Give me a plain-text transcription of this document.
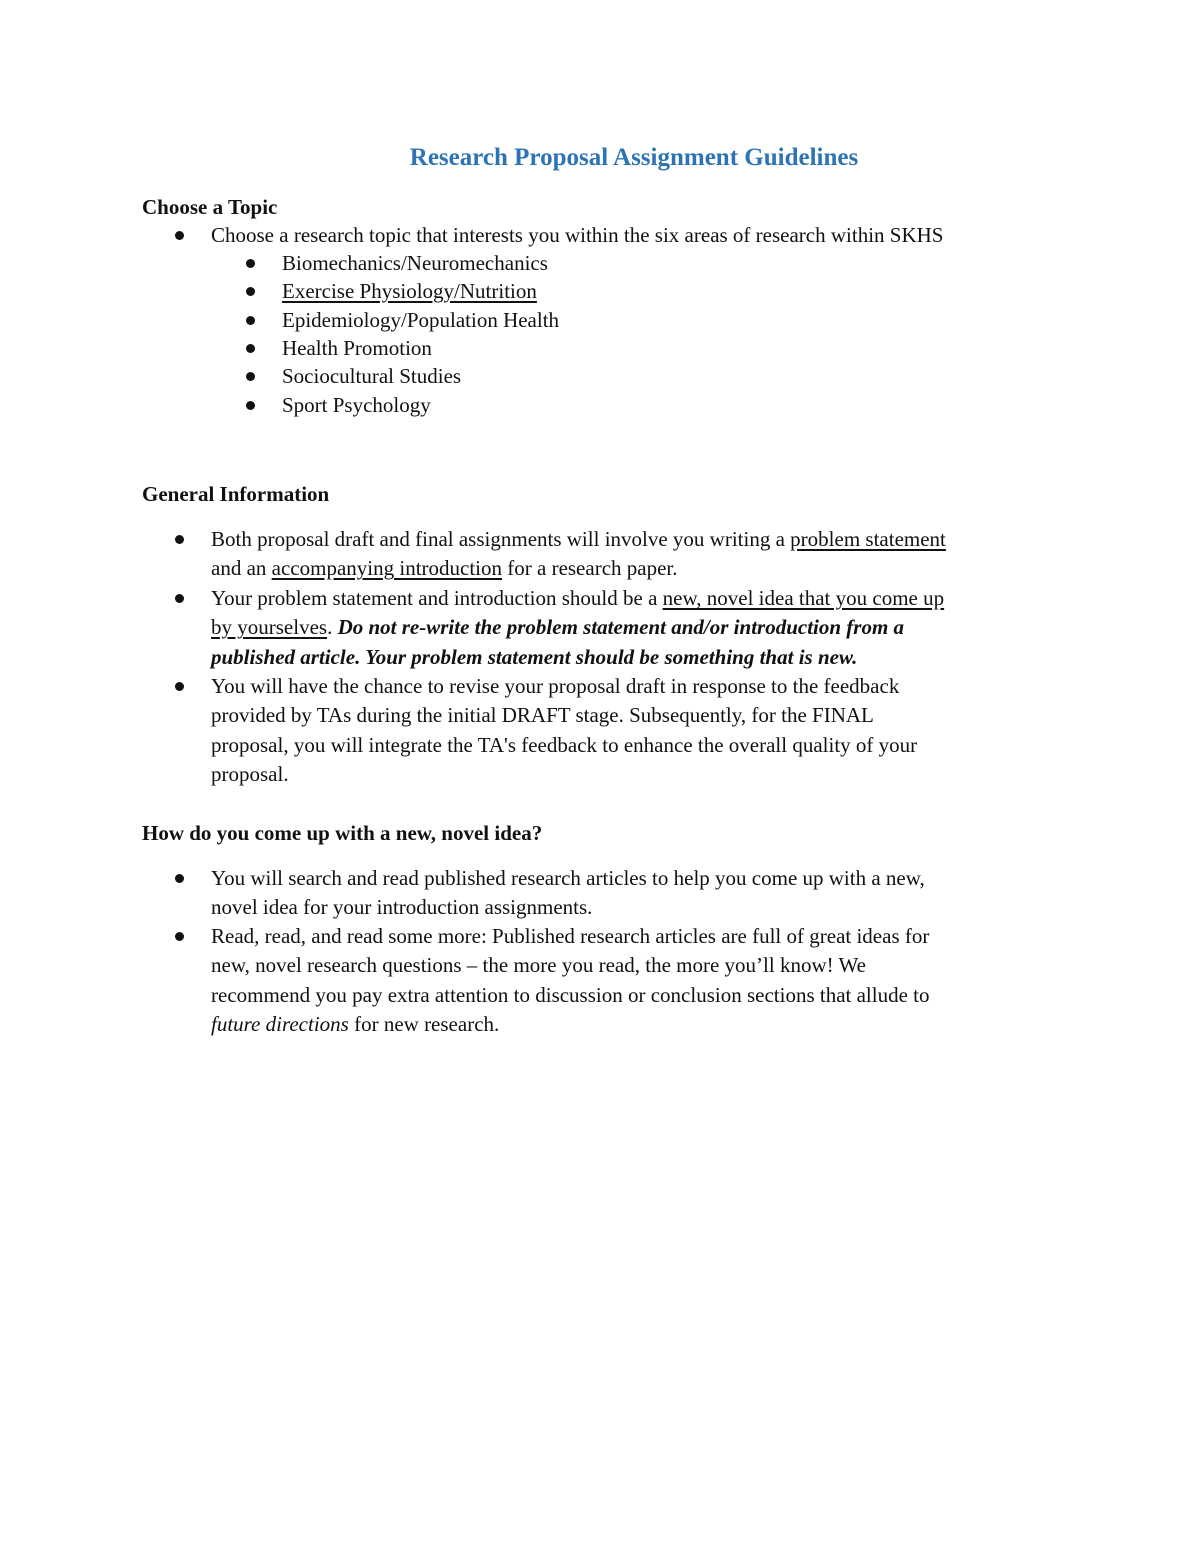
Research Proposal Assignment Guidelines
Choose a Topic
Choose a research topic that interests you within the six areas of research within SKHS
Biomechanics/Neuromechanics
Exercise Physiology/Nutrition
Epidemiology/Population Health
Health Promotion
Sociocultural Studies
Sport Psychology
General Information
Both proposal draft and final assignments will involve you writing a problem statement
and an accompanying introduction for a research paper.
Your problem statement and introduction should be a new, novel idea that you come up
by yourselves. Do not re-write the problem statement and/or introduction from a
published article. Your problem statement should be something that is new.
You will have the chance to revise your proposal draft in response to the feedback
provided by TAs during the initial DRAFT stage. Subsequently, for the FINAL
proposal, you will integrate the TA's feedback to enhance the overall quality of your
proposal.
How do you come up with a new, novel idea?
You will search and read published research articles to help you come up with a new,
novel idea for your introduction assignments.
Read, read, and read some more: Published research articles are full of great ideas for
new, novel research questions – the more you read, the more you’ll know! We
recommend you pay extra attention to discussion or conclusion sections that allude to
future directions for new research.
